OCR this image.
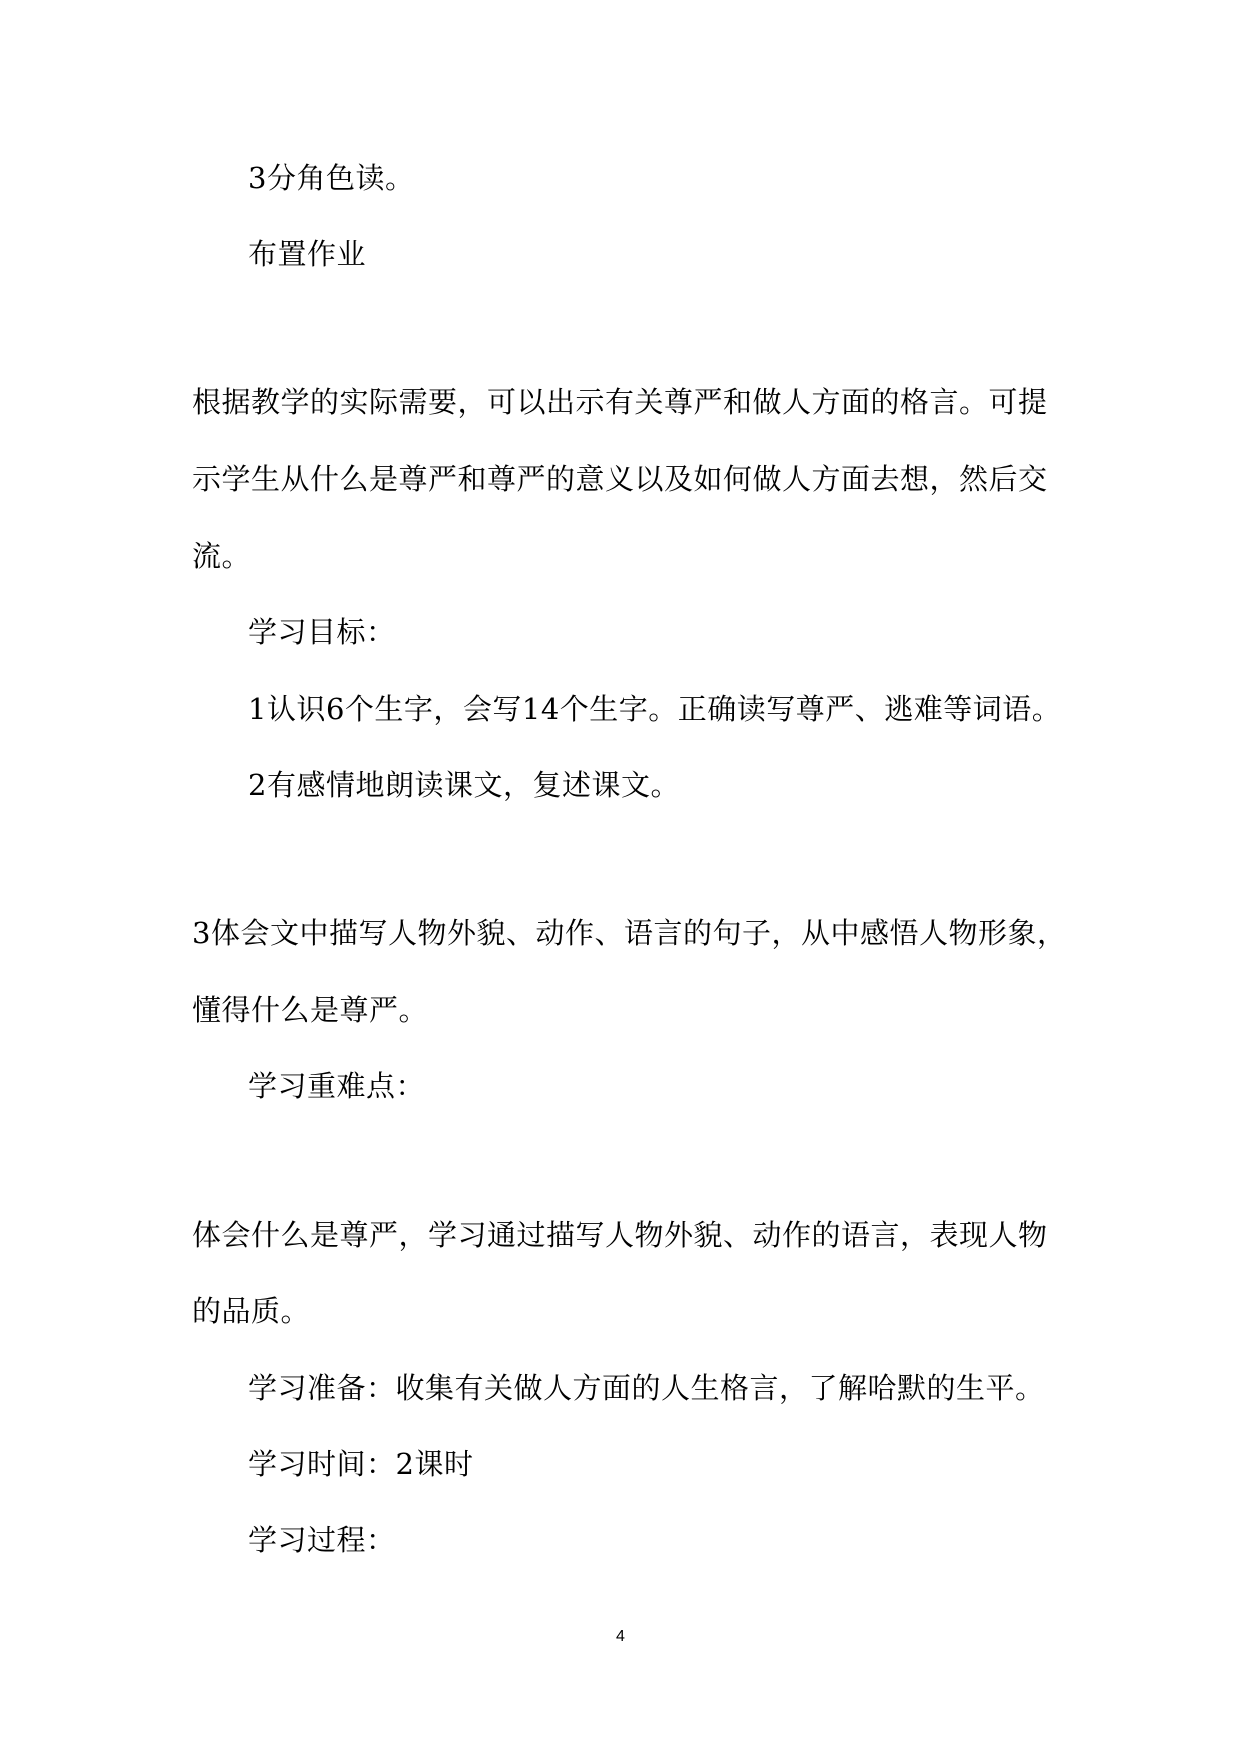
3分角色读。
布置作业
根据教学的实际需要，可以出示有关尊严和做人方面的格言。可提
示学生从什么是尊严和尊严的意义以及如何做人方面去想，然后交
流。
学习目标：
1认识6个生字，会写14个生字。正确读写尊严、逃难等词语。
2有感情地朗读课文，复述课文。
3体会文中描写人物外貌、动作、语言的句子，从中感悟人物形象，
懂得什么是尊严。
学习重难点：
体会什么是尊严，学习通过描写人物外貌、动作的语言，表现人物
的品质。
学习准备：收集有关做人方面的人生格言，了解哈默的生平。
学习时间：2课时
学习过程：
4
